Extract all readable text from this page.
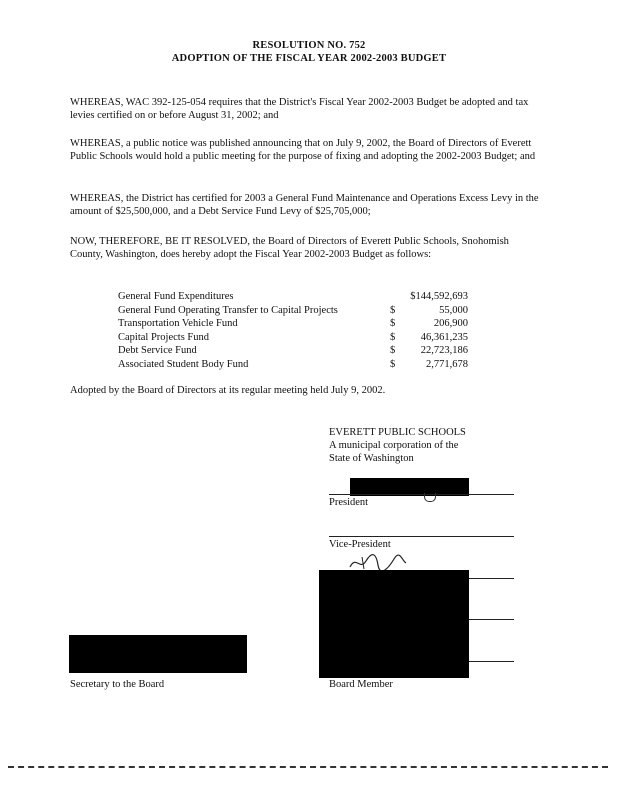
RESOLUTION NO. 752
ADOPTION OF THE FISCAL YEAR 2002-2003 BUDGET
WHEREAS, WAC 392-125-054 requires that the District's Fiscal Year 2002-2003 Budget be adopted and tax levies certified on or before August 31, 2002; and
WHEREAS, a public notice was published announcing that on July 9, 2002, the Board of Directors of Everett Public Schools would hold a public meeting for the purpose of fixing and adopting the 2002-2003 Budget; and
WHEREAS, the District has certified for 2003 a General Fund Maintenance and Operations Excess Levy in the amount of $25,500,000, and a Debt Service Fund Levy of $25,705,000;
NOW, THEREFORE, BE IT RESOLVED, the Board of Directors of Everett Public Schools, Snohomish County, Washington, does hereby adopt the Fiscal Year 2002-2003 Budget as follows:
General Fund Expenditures	$144,592,693
General Fund Operating Transfer to Capital Projects	$	55,000
Transportation Vehicle Fund	$	206,900
Capital Projects Fund	$	46,361,235
Debt Service Fund	$	22,723,186
Associated Student Body Fund	$	2,771,678
Adopted by the Board of Directors at its regular meeting held July 9, 2002.
EVERETT PUBLIC SCHOOLS
A municipal corporation of the
State of Washington
President
Vice-President
Board Member
Secretary to the Board
